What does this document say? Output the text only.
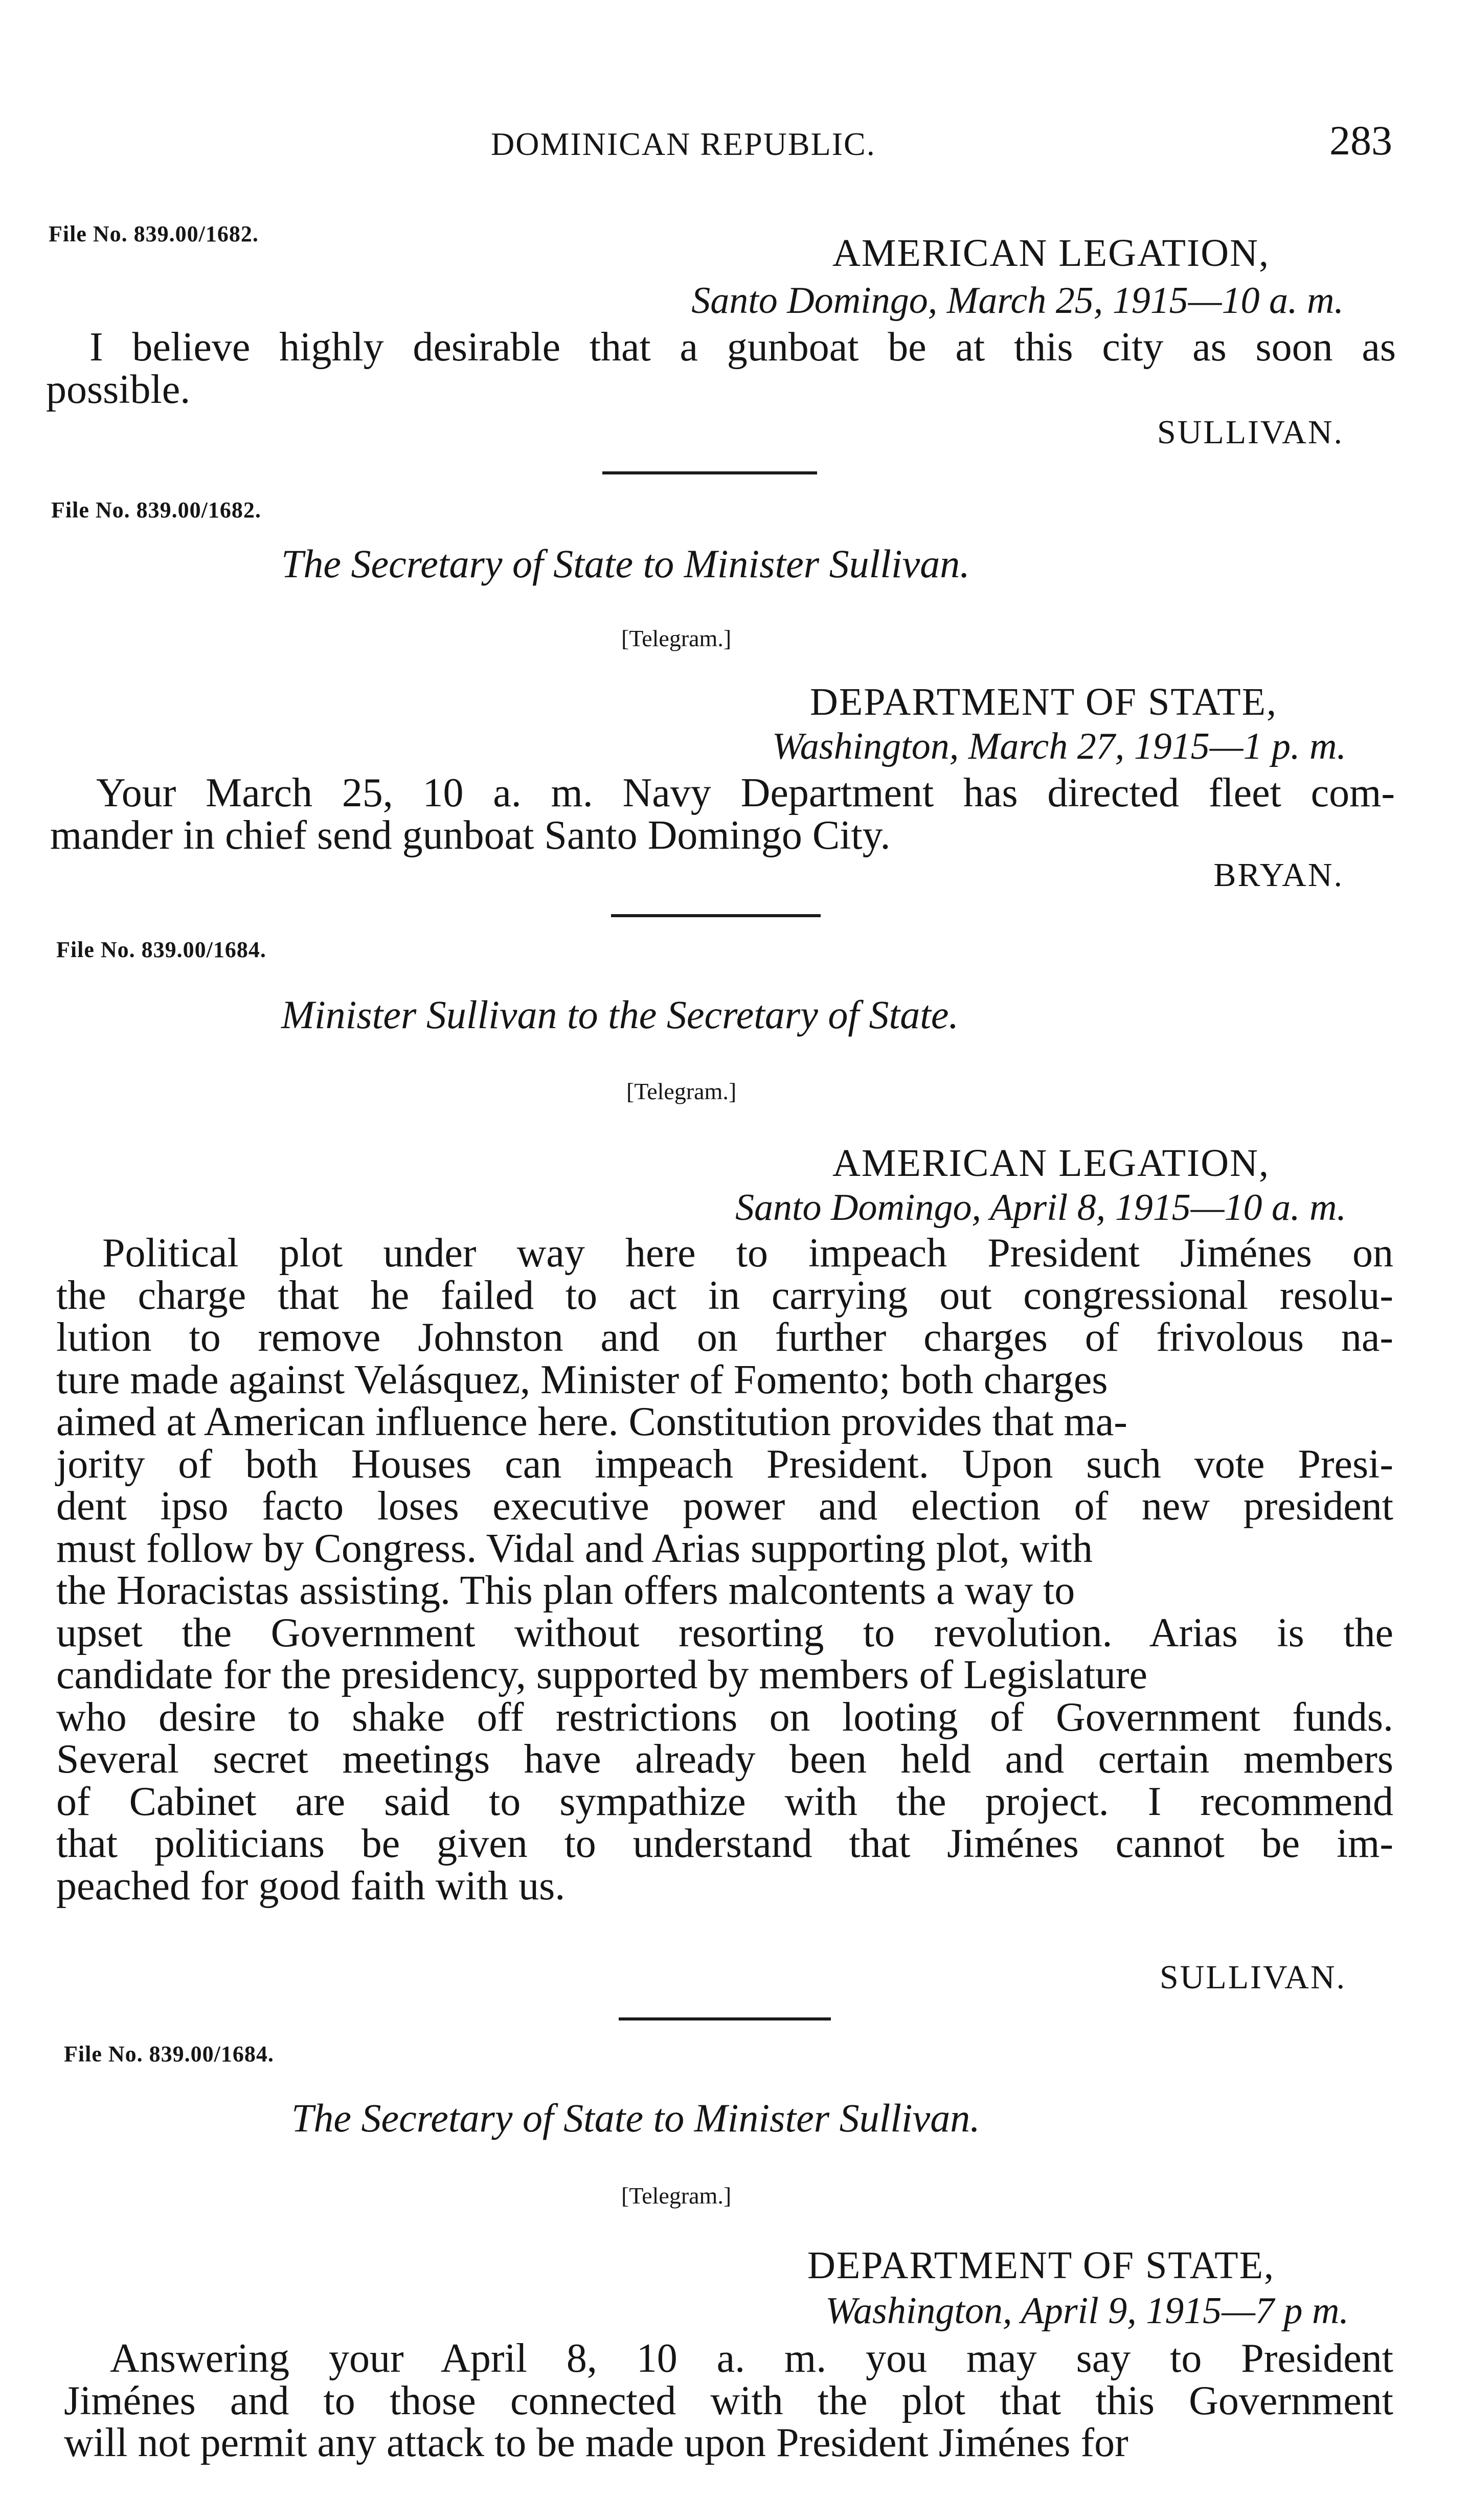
DOMINICAN REPUBLIC.	283
File No. 839.00/1682.	AMERICAN LEGATION,
Santo Domingo, March 25, 1915—10 a. m.
I believe highly desirable that a gunboat be at this city as soon as
possible.
SULLIVAN.
File No. 839.00/1682.
The Secretary of State to Minister Sullivan.
[Telegram.]
DEPARTMENT OF STATE,
Washington, March 27, 1915—1 p. m.
Your March 25, 10 a. m. Navy Department has directed fleet com-
mander in chief send gunboat Santo Domingo City.
BRYAN.
File No. 839.00/1684.
Minister Sullivan to the Secretary of State.
[Telegram.]
AMERICAN LEGATION,
Santo Domingo, April 8, 1915—10 a. m.
Political plot under way here to impeach President Jiménes on
the charge that he failed to act in carrying out congressional resolu-
lution to remove Johnston and on further charges of frivolous na-
ture made against Velásquez, Minister of Fomento; both charges
aimed at American influence here. Constitution provides that ma-
jority of both Houses can impeach President. Upon such vote Presi-
dent ipso facto loses executive power and election of new president
must follow by Congress. Vidal and Arias supporting plot, with
the Horacistas assisting. This plan offers malcontents a way to
upset the Government without resorting to revolution. Arias is the
candidate for the presidency, supported by members of Legislature
who desire to shake off restrictions on looting of Government funds.
Several secret meetings have already been held and certain members
of Cabinet are said to sympathize with the project. I recommend
that politicians be given to understand that Jiménes cannot be im-
peached for good faith with us.
SULLIVAN.
File No. 839.00/1684.
The Secretary of State to Minister Sullivan.
[Telegram.]
DEPARTMENT OF STATE,
Washington, April 9, 1915—7 p m.
Answering your April 8, 10 a. m. you may say to President
Jiménes and to those connected with the plot that this Government
will not permit any attack to be made upon President Jiménes for
